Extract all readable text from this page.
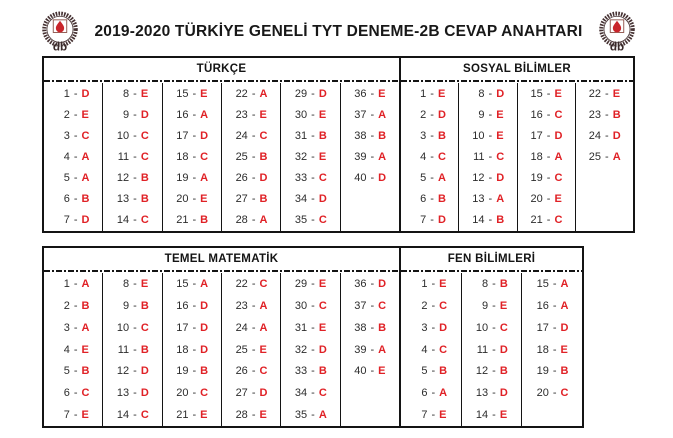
db
2019-2020 TÜRKİYE GENELİ TYT DENEME-2B CEVAP ANAHTARI
db
TÜRKÇE
1 - D
2 - E
3 - C
4 - A
5 - A
6 - B
7 - D
8 - E
9 - D
10 - C
11 - C
12 - B
13 - B
14 - C
15 - E
16 - A
17 - D
18 - C
19 - A
20 - E
21 - B
22 - A
23 - E
24 - C
25 - B
26 - D
27 - B
28 - A
29 - D
30 - E
31 - B
32 - E
33 - C
34 - D
35 - C
36 - E
37 - A
38 - B
39 - A
40 - D
SOSYAL BİLİMLER
1 - E
2 - D
3 - B
4 - C
5 - A
6 - B
7 - D
8 - D
9 - E
10 - E
11 - C
12 - D
13 - A
14 - B
15 - E
16 - C
17 - D
18 - A
19 - C
20 - E
21 - C
22 - E
23 - B
24 - D
25 - A
TEMEL MATEMATİK
1 - A
2 - B
3 - A
4 - E
5 - B
6 - C
7 - E
8 - E
9 - B
10 - C
11 - B
12 - D
13 - D
14 - C
15 - A
16 - D
17 - D
18 - D
19 - B
20 - C
21 - E
22 - C
23 - A
24 - A
25 - E
26 - C
27 - D
28 - E
29 - E
30 - C
31 - E
32 - D
33 - B
34 - C
35 - A
36 - D
37 - C
38 - B
39 - A
40 - E
FEN BİLİMLERİ
1 - E
2 - C
3 - D
4 - C
5 - B
6 - A
7 - E
8 - B
9 - E
10 - C
11 - D
12 - B
13 - D
14 - E
15 - A
16 - A
17 - D
18 - E
19 - B
20 - C
